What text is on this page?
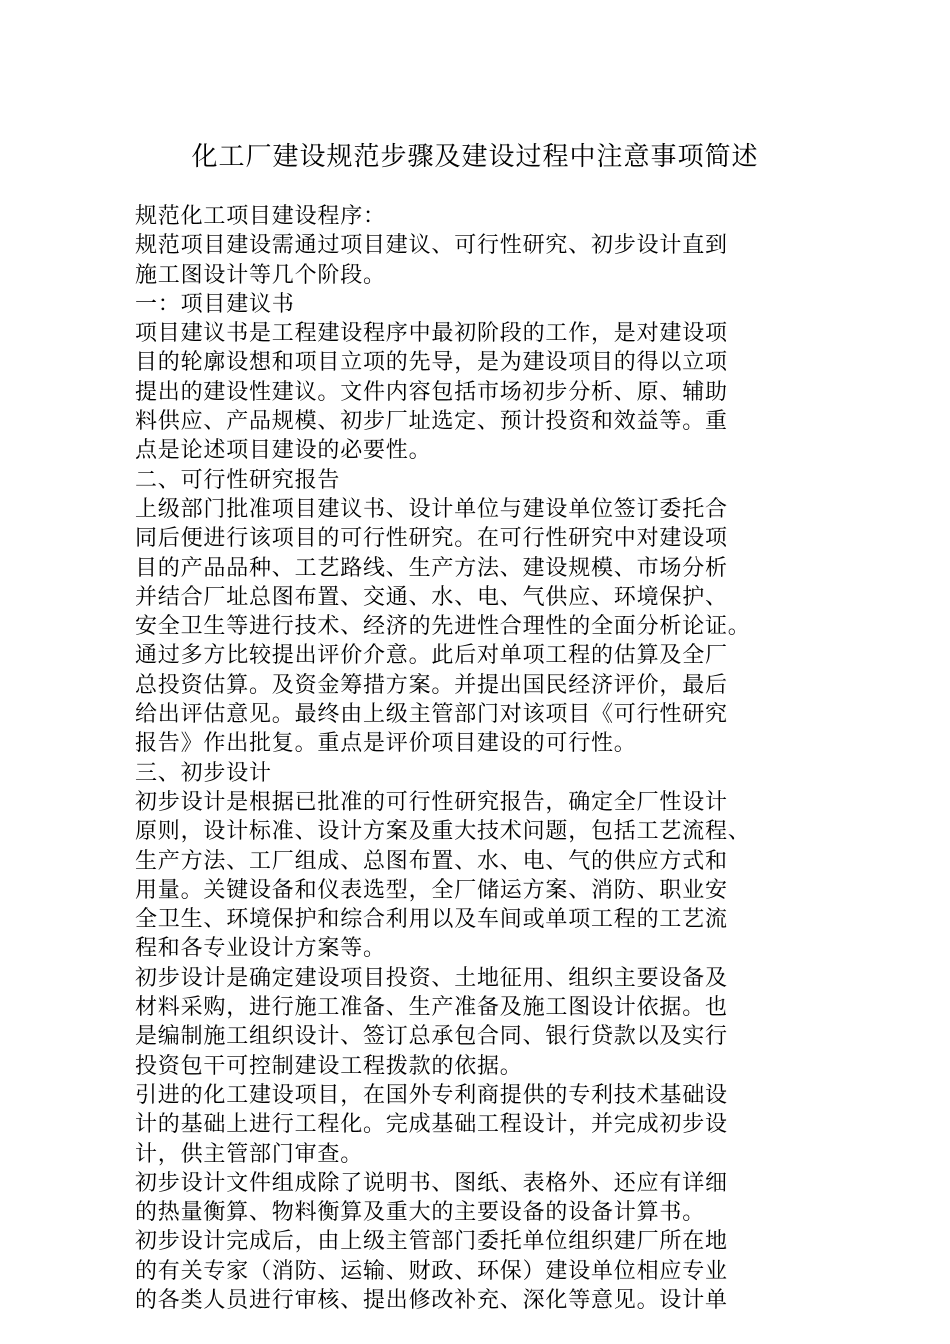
化工厂建设规范步骤及建设过程中注意事项简述
规范化工项目建设程序：
规范项目建设需通过项目建议、可行性研究、初步设计直到
施工图设计等几个阶段。
一：项目建议书
项目建议书是工程建设程序中最初阶段的工作，是对建设项
目的轮廓设想和项目立项的先导，是为建设项目的得以立项
提出的建设性建议。文件内容包括市场初步分析、原、辅助
料供应、产品规模、初步厂址选定、预计投资和效益等。重
点是论述项目建设的必要性。
二、可行性研究报告
上级部门批准项目建议书、设计单位与建设单位签订委托合
同后便进行该项目的可行性研究。在可行性研究中对建设项
目的产品品种、工艺路线、生产方法、建设规模、市场分析
并结合厂址总图布置、交通、水、电、气供应、环境保护、
安全卫生等进行技术、经济的先进性合理性的全面分析论证。
通过多方比较提出评价介意。此后对单项工程的估算及全厂
总投资估算。及资金筹措方案。并提出国民经济评价，最后
给出评估意见。最终由上级主管部门对该项目《可行性研究
报告》作出批复。重点是评价项目建设的可行性。
三、初步设计
初步设计是根据已批准的可行性研究报告，确定全厂性设计
原则，设计标准、设计方案及重大技术问题，包括工艺流程、
生产方法、工厂组成、总图布置、水、电、气的供应方式和
用量。关键设备和仪表选型，全厂储运方案、消防、职业安
全卫生、环境保护和综合利用以及车间或单项工程的工艺流
程和各专业设计方案等。
初步设计是确定建设项目投资、土地征用、组织主要设备及
材料采购，进行施工准备、生产准备及施工图设计依据。也
是编制施工组织设计、签订总承包合同、银行贷款以及实行
投资包干可控制建设工程拨款的依据。
引进的化工建设项目，在国外专利商提供的专利技术基础设
计的基础上进行工程化。完成基础工程设计，并完成初步设
计，供主管部门审查。
初步设计文件组成除了说明书、图纸、表格外、还应有详细
的热量衡算、物料衡算及重大的主要设备的设备计算书。
初步设计完成后，由上级主管部门委托单位组织建厂所在地
的有关专家（消防、运输、财政、环保）建设单位相应专业
的各类人员进行审核、提出修改补充、深化等意见。设计单
